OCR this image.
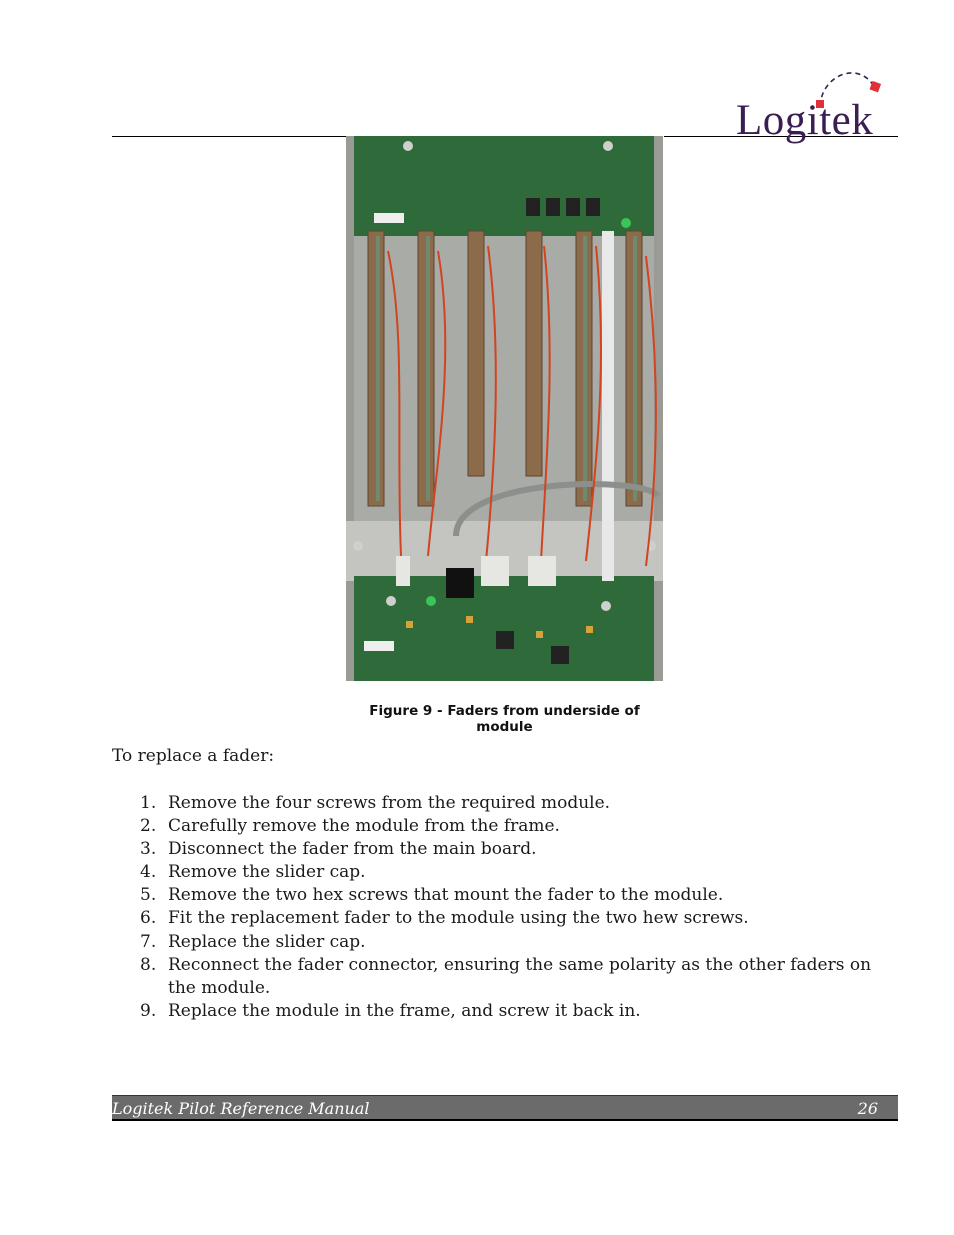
Logitek
Figure 9 - Faders from underside of module
To replace a fader:
1. Remove the four screws from the required module.
2. Carefully remove the module from the frame.
3. Disconnect the fader from the main board.
4. Remove the slider cap.
5. Remove the two hex screws that mount the fader to the module.
6. Fit the replacement fader to the module using the two hew screws.
7. Replace the slider cap.
8. Reconnect the fader connector, ensuring the same polarity as the other faders on the module.
9. Replace the module in the frame, and screw it back in.
Logitek Pilot Reference Manual	26
